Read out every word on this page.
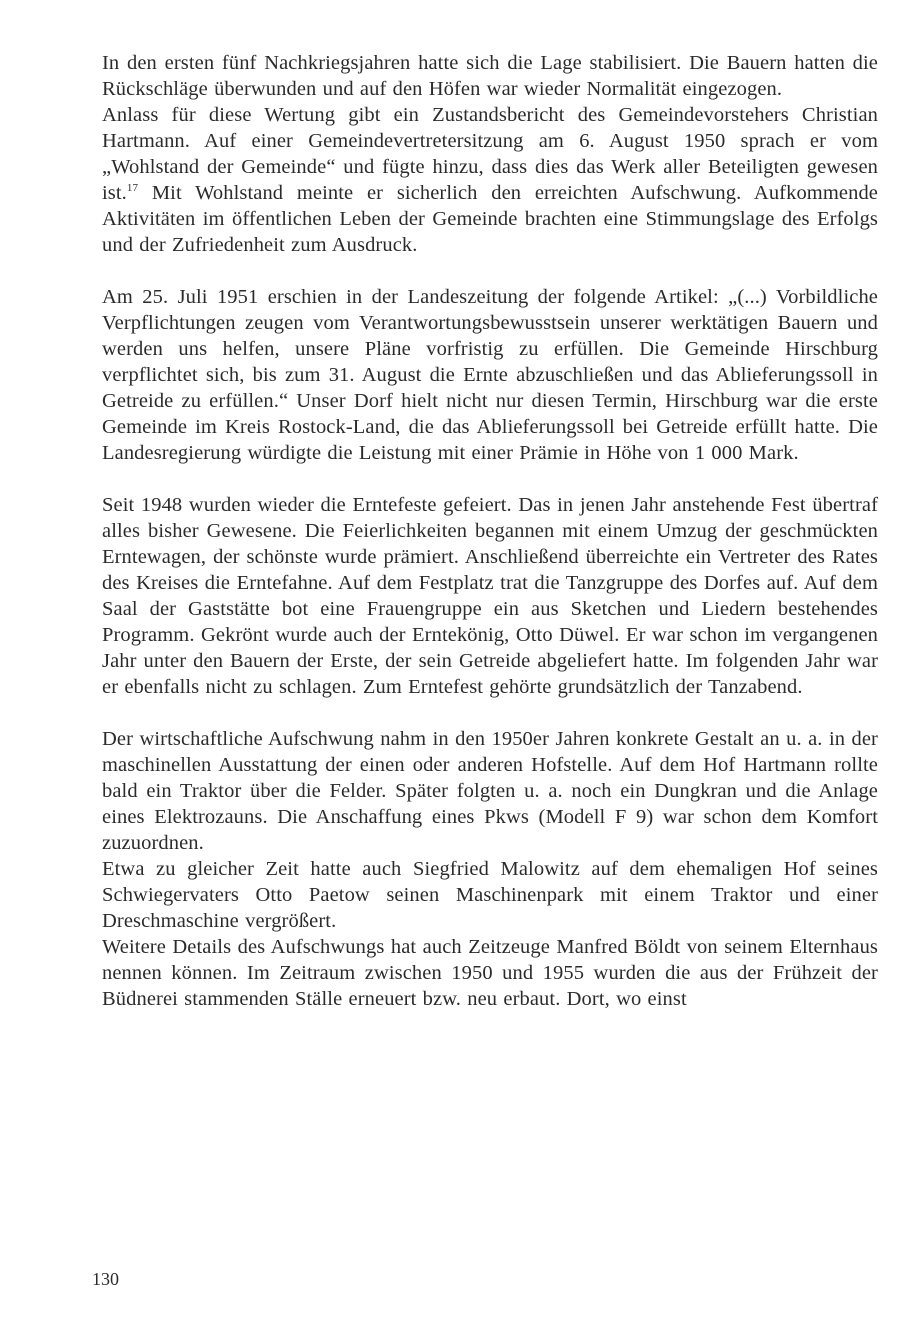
In den ersten fünf Nachkriegsjahren hatte sich die Lage stabilisiert. Die Bauern hatten die Rückschläge überwunden und auf den Höfen war wieder Normalität eingezogen.

Anlass für diese Wertung gibt ein Zustandsbericht des Gemeindevorstehers Christian Hartmann. Auf einer Gemeindevertretersitzung am 6. August 1950 sprach er vom „Wohlstand der Gemeinde“ und fügte hinzu, dass dies das Werk aller Beteiligten gewesen ist.$^{17}$ Mit Wohlstand meinte er sicherlich den erreichten Aufschwung. Aufkommende Aktivitäten im öffentlichen Leben der Gemeinde brachten eine Stimmungslage des Erfolgs und der Zufriedenheit zum Ausdruck.

Am 25. Juli 1951 erschien in der Landeszeitung der folgende Artikel: „(...) Vorbildliche Verpflichtungen zeugen vom Verantwortungsbewusstsein unserer werktätigen Bauern und werden uns helfen, unsere Pläne vorfristig zu erfüllen. Die Gemeinde Hirschburg verpflichtet sich, bis zum 31. August die Ernte abzuschließen und das Ablieferungssoll in Getreide zu erfüllen.“ Unser Dorf hielt nicht nur diesen Termin, Hirschburg war die erste Gemeinde im Kreis Rostock-Land, die das Ablieferungssoll bei Getreide erfüllt hatte. Die Landesregierung würdigte die Leistung mit einer Prämie in Höhe von 1 000 Mark.

Seit 1948 wurden wieder die Erntefeste gefeiert. Das in jenen Jahr anstehende Fest übertraf alles bisher Gewesene. Die Feierlichkeiten begannen mit einem Umzug der geschmückten Erntewagen, der schönste wurde prämiert. Anschließend überreichte ein Vertreter des Rates des Kreises die Erntefahne. Auf dem Festplatz trat die Tanzgruppe des Dorfes auf. Auf dem Saal der Gaststätte bot eine Frauengruppe ein aus Sketchen und Liedern bestehendes Programm. Gekrönt wurde auch der Erntekönig, Otto Düwel. Er war schon im vergangenen Jahr unter den Bauern der Erste, der sein Getreide abgeliefert hatte. Im folgenden Jahr war er ebenfalls nicht zu schlagen. Zum Erntefest gehörte grundsätzlich der Tanzabend.

Der wirtschaftliche Aufschwung nahm in den 1950er Jahren konkrete Gestalt an u. a. in der maschinellen Ausstattung der einen oder anderen Hofstelle. Auf dem Hof Hartmann rollte bald ein Traktor über die Felder. Später folgten u. a. noch ein Dungkran und die Anlage eines Elektrozauns. Die Anschaffung eines Pkws (Modell F 9) war schon dem Komfort zuzuordnen.

Etwa zu gleicher Zeit hatte auch Siegfried Malowitz auf dem ehemaligen Hof seines Schwiegervaters Otto Paetow seinen Maschinenpark mit einem Traktor und einer Dreschmaschine vergrößert.

Weitere Details des Aufschwungs hat auch Zeitzeuge Manfred Böldt von seinem Elternhaus nennen können. Im Zeitraum zwischen 1950 und 1955 wurden die aus der Frühzeit der Büdnerei stammenden Ställe erneuert bzw. neu erbaut. Dort, wo einst

130
